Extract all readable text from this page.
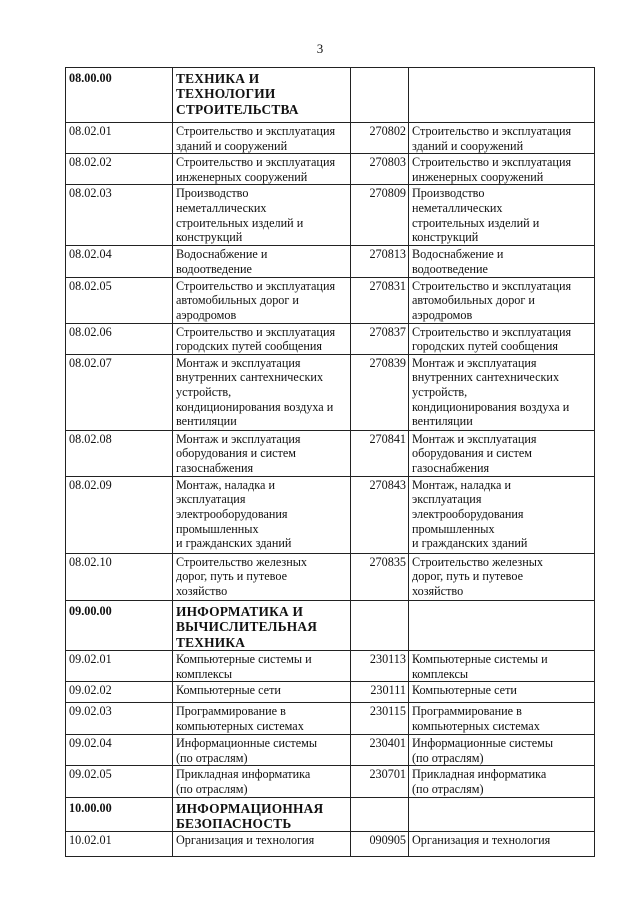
3
08.00.00	ТЕХНИКА И
ТЕХНОЛОГИИ
СТРОИТЕЛЬСТВА		

08.02.01	Строительство и эксплуатация
зданий и сооружений	270802	Строительство и эксплуатация
зданий и сооружений

08.02.02	Строительство и эксплуатация
инженерных сооружений	270803	Строительство и эксплуатация
инженерных сооружений

08.02.03	Производство
неметаллических
строительных изделий и
конструкций	270809	Производство
неметаллических
строительных изделий и
конструкций

08.02.04	Водоснабжение и
водоотведение	270813	Водоснабжение и
водоотведение

08.02.05	Строительство и эксплуатация
автомобильных дорог и
аэродромов	270831	Строительство и эксплуатация
автомобильных дорог и
аэродромов

08.02.06	Строительство и эксплуатация
городских путей сообщения	270837	Строительство и эксплуатация
городских путей сообщения

08.02.07	Монтаж и эксплуатация
внутренних сантехнических
устройств,
кондиционирования воздуха и
вентиляции	270839	Монтаж и эксплуатация
внутренних сантехнических
устройств,
кондиционирования воздуха и
вентиляции

08.02.08	Монтаж и эксплуатация
оборудования и систем
газоснабжения	270841	Монтаж и эксплуатация
оборудования и систем
газоснабжения

08.02.09	Монтаж, наладка и
эксплуатация
электрооборудования
промышленных
и гражданских зданий	270843	Монтаж, наладка и
эксплуатация
электрооборудования
промышленных
и гражданских зданий

08.02.10	Строительство железных
дорог, путь и путевое
хозяйство	270835	Строительство железных
дорог, путь и путевое
хозяйство

09.00.00	ИНФОРМАТИКА И
ВЫЧИСЛИТЕЛЬНАЯ
ТЕХНИКА		

09.02.01	Компьютерные системы и
комплексы	230113	Компьютерные системы и
комплексы

09.02.02	Компьютерные сети	230111	Компьютерные сети

09.02.03	Программирование в
компьютерных системах	230115	Программирование в
компьютерных системах

09.02.04	Информационные системы
(по отраслям)	230401	Информационные системы
(по отраслям)

09.02.05	Прикладная информатика
(по отраслям)	230701	Прикладная информатика
(по отраслям)

10.00.00	ИНФОРМАЦИОННАЯ
БЕЗОПАСНОСТЬ		

10.02.01	Организация и технология	090905	Организация и технология
